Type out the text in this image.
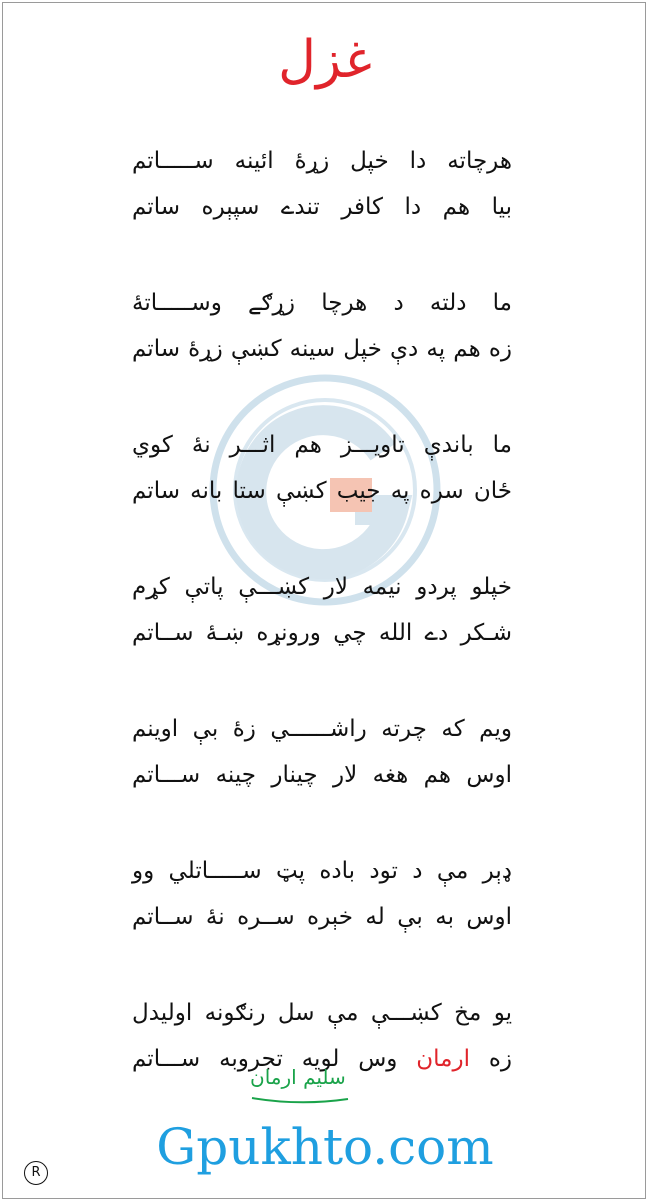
غزل
هرچاته دا خپل زړهٔ ائينه ســـــاتم
بيا هم دا کافر تندے سپېره ساتم
ما دلته د هرچا زړګے وســـــاتۀ
زه هم په دې خپل سينه کښې زړهٔ ساتم
ما باندې تاويـــز هم اثـــر نۀ کوي
ځان سره په جيب کښې ستا بانه ساتم
خپلو پردو نيمه لار کښـــې پاتې کړم
شـکر دے الله چي ورونړه ښـهٔ ســاتم
ويم که چرته راشــــــي زۀ بې اوينم
اوس هم هغه لار چينار چينه ســـاتم
ډېر مې د تود باده پټ ســـــاتلي وو
اوس به بې له خېره ســره نۀ ســاتم
يو مخ کښـــې مې سل رنګونه اوليدل
زه ارمان وس لويه تجروبه ســـاتم
سليم ارمان
Gpukhto.com
R
